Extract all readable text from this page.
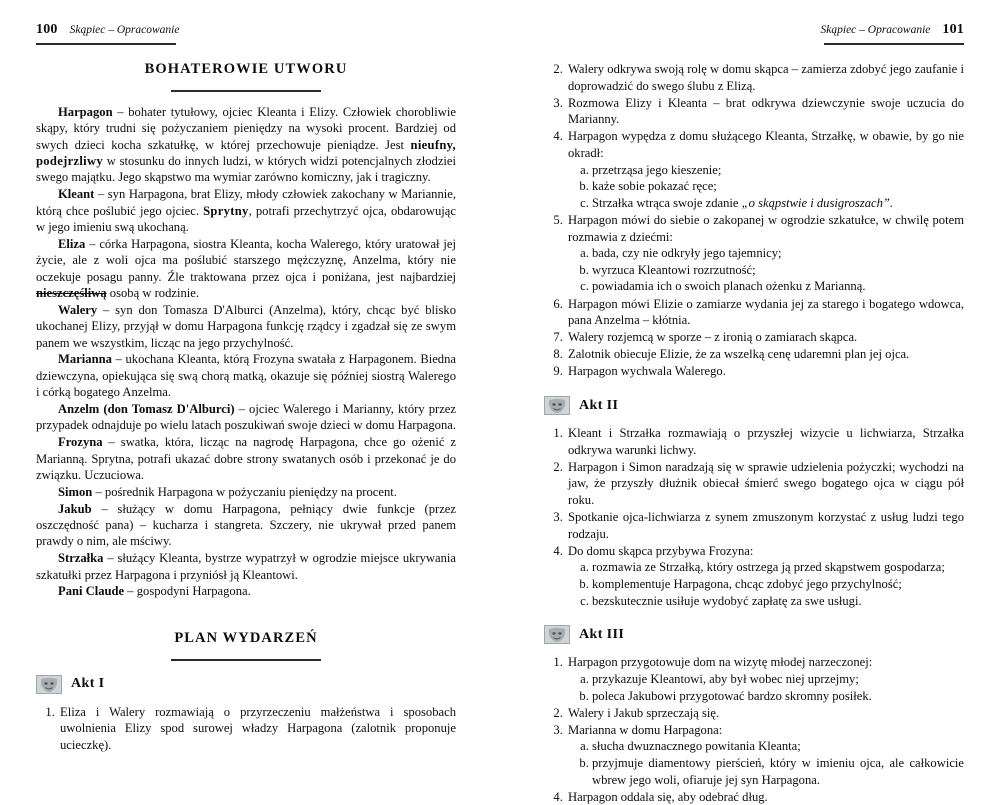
100 Skąpiec – Opracowanie
BOHATEROWIE UTWORU

Harpagon – bohater tytułowy, ojciec Kleanta i Elizy. Człowiek chorobliwie skąpy, który trudni się pożyczaniem pieniędzy na wysoki procent. Bardziej od swych dzieci kocha szkatułkę, w której przechowuje pieniądze. Jest nieufny, podejrzliwy w stosunku do innych ludzi, w których widzi potencjalnych złodziei swego majątku. Jego skąpstwo ma wymiar zarówno komiczny, jak i tragiczny.

Kleant – syn Harpagona, brat Elizy, młody człowiek zakochany w Mariannie, którą chce poślubić jego ojciec. Sprytny, potrafi przechytrzyć ojca, obdarowując w jego imieniu swą ukochaną.

Eliza – córka Harpagona, siostra Kleanta, kocha Walerego, który uratował jej życie, ale z woli ojca ma poślubić starszego mężczyznę, Anzelma, który nie oczekuje posagu panny. Źle traktowana przez ojca i poniżana, jest najbardziej nieszczęśliwą osobą w rodzinie.

Walery – syn don Tomasza D'Alburci (Anzelma), który, chcąc być blisko ukochanej Elizy, przyjął w domu Harpagona funkcję rządcy i zgadzał się ze swym panem we wszystkim, licząc na jego przychylność.

Marianna – ukochana Kleanta, którą Frozyna swatała z Harpagonem. Biedna dziewczyna, opiekująca się swą chorą matką, okazuje się później siostrą Walerego i córką bogatego Anzelma.

Anzelm (don Tomasz D'Alburci) – ojciec Walerego i Marianny, który przez przypadek odnajduje po wielu latach poszukiwań swoje dzieci w domu Harpagona.

Frozyna – swatka, która, licząc na nagrodę Harpagona, chce go ożenić z Marianną. Sprytna, potrafi ukazać dobre strony swatanych osób i przekonać je do związku. Uczuciowa.

Simon – pośrednik Harpagona w pożyczaniu pieniędzy na procent.

Jakub – służący w domu Harpagona, pełniący dwie funkcje (przez oszczędność pana) – kucharza i stangreta. Szczery, nie ukrywał przed panem prawdy o nim, ale mściwy.

Strzałka – służący Kleanta, bystrze wypatrzył w ogrodzie miejsce ukrywania szkatułki przez Harpagona i przyniósł ją Kleantowi.

Pani Claude – gospodyni Harpagona.

PLAN WYDARZEŃ
Akt I
1. Eliza i Walery rozmawiają o przyrzeczeniu małżeństwa i sposobach uwolnienia Elizy spod surowej władzy Harpagona (zalotnik proponuje ucieczkę).
Skąpiec – Opracowanie 101
2. Walery odkrywa swoją rolę w domu skąpca – zamierza zdobyć jego zaufanie i doprowadzić do swego ślubu z Elizą.
3. Rozmowa Elizy i Kleanta – brat odkrywa dziewczynie swoje uczucia do Marianny.
4. Harpagon wypędza z domu służącego Kleanta, Strzałkę, w obawie, by go nie okradł:
a. przetrząsa jego kieszenie;
b. każe sobie pokazać ręce;
c. Strzałka wtrąca swoje zdanie „o skąpstwie i dusigroszach”.
5. Harpagon mówi do siebie o zakopanej w ogrodzie szkatułce, w chwilę potem rozmawia z dziećmi:
a. bada, czy nie odkryły jego tajemnicy;
b. wyrzuca Kleantowi rozrzutność;
c. powiadamia ich o swoich planach ożenku z Marianną.
6. Harpagon mówi Elizie o zamiarze wydania jej za starego i bogatego wdowca, pana Anzelma – kłótnia.
7. Walery rozjemcą w sporze – z ironią o zamiarach skąpca.
8. Zalotnik obiecuje Elizie, że za wszelką cenę udaremni plan jej ojca.
9. Harpagon wychwala Walerego.
Akt II
1. Kleant i Strzałka rozmawiają o przyszłej wizycie u lichwiarza, Strzałka odkrywa warunki lichwy.
2. Harpagon i Simon naradzają się w sprawie udzielenia pożyczki; wychodzi na jaw, że przyszły dłużnik obiecał śmierć swego bogatego ojca w ciągu pół roku.
3. Spotkanie ojca-lichwiarza z synem zmuszonym korzystać z usług ludzi tego rodzaju.
4. Do domu skąpca przybywa Frozyna:
a. rozmawia ze Strzałką, który ostrzega ją przed skąpstwem gospodarza;
b. komplementuje Harpagona, chcąc zdobyć jego przychylność;
c. bezskutecznie usiłuje wydobyć zapłatę za swe usługi.
Akt III
1. Harpagon przygotowuje dom na wizytę młodej narzeczonej:
a. przykazuje Kleantowi, aby był wobec niej uprzejmy;
b. poleca Jakubowi przygotować bardzo skromny posiłek.
2. Walery i Jakub sprzeczają się.
3. Marianna w domu Harpagona:
a. słucha dwuznacznego powitania Kleanta;
b. przyjmuje diamentowy pierścień, który w imieniu ojca, ale całkowicie wbrew jego woli, ofiaruje jej syn Harpagona.
4. Harpagon oddala się, aby odebrać dług.
